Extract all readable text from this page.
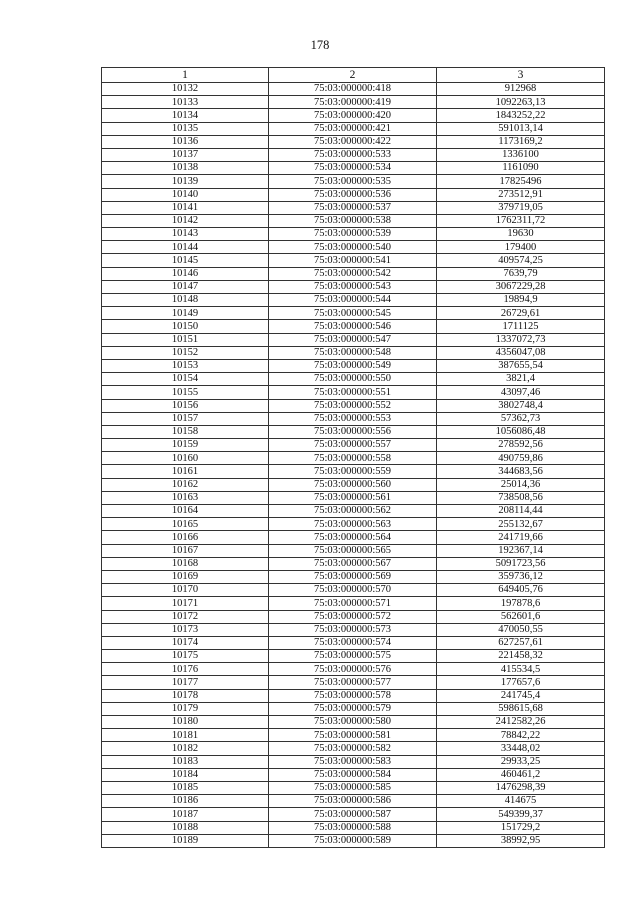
178
1	2	3
10132	75:03:000000:418	912968
10133	75:03:000000:419	1092263,13
10134	75:03:000000:420	1843252,22
10135	75:03:000000:421	591013,14
10136	75:03:000000:422	1173169,2
10137	75:03:000000:533	1336100
10138	75:03:000000:534	1161090
10139	75:03:000000:535	17825496
10140	75:03:000000:536	273512,91
10141	75:03:000000:537	379719,05
10142	75:03:000000:538	1762311,72
10143	75:03:000000:539	19630
10144	75:03:000000:540	179400
10145	75:03:000000:541	409574,25
10146	75:03:000000:542	7639,79
10147	75:03:000000:543	3067229,28
10148	75:03:000000:544	19894,9
10149	75:03:000000:545	26729,61
10150	75:03:000000:546	1711125
10151	75:03:000000:547	1337072,73
10152	75:03:000000:548	4356047,08
10153	75:03:000000:549	387655,54
10154	75:03:000000:550	3821,4
10155	75:03:000000:551	43097,46
10156	75:03:000000:552	3802748,4
10157	75:03:000000:553	57362,73
10158	75:03:000000:556	1056086,48
10159	75:03:000000:557	278592,56
10160	75:03:000000:558	490759,86
10161	75:03:000000:559	344683,56
10162	75:03:000000:560	25014,36
10163	75:03:000000:561	738508,56
10164	75:03:000000:562	208114,44
10165	75:03:000000:563	255132,67
10166	75:03:000000:564	241719,66
10167	75:03:000000:565	192367,14
10168	75:03:000000:567	5091723,56
10169	75:03:000000:569	359736,12
10170	75:03:000000:570	649405,76
10171	75:03:000000:571	197878,6
10172	75:03:000000:572	562601,6
10173	75:03:000000:573	470050,55
10174	75:03:000000:574	627257,61
10175	75:03:000000:575	221458,32
10176	75:03:000000:576	415534,5
10177	75:03:000000:577	177657,6
10178	75:03:000000:578	241745,4
10179	75:03:000000:579	598615,68
10180	75:03:000000:580	2412582,26
10181	75:03:000000:581	78842,22
10182	75:03:000000:582	33448,02
10183	75:03:000000:583	29933,25
10184	75:03:000000:584	460461,2
10185	75:03:000000:585	1476298,39
10186	75:03:000000:586	414675
10187	75:03:000000:587	549399,37
10188	75:03:000000:588	151729,2
10189	75:03:000000:589	38992,95
